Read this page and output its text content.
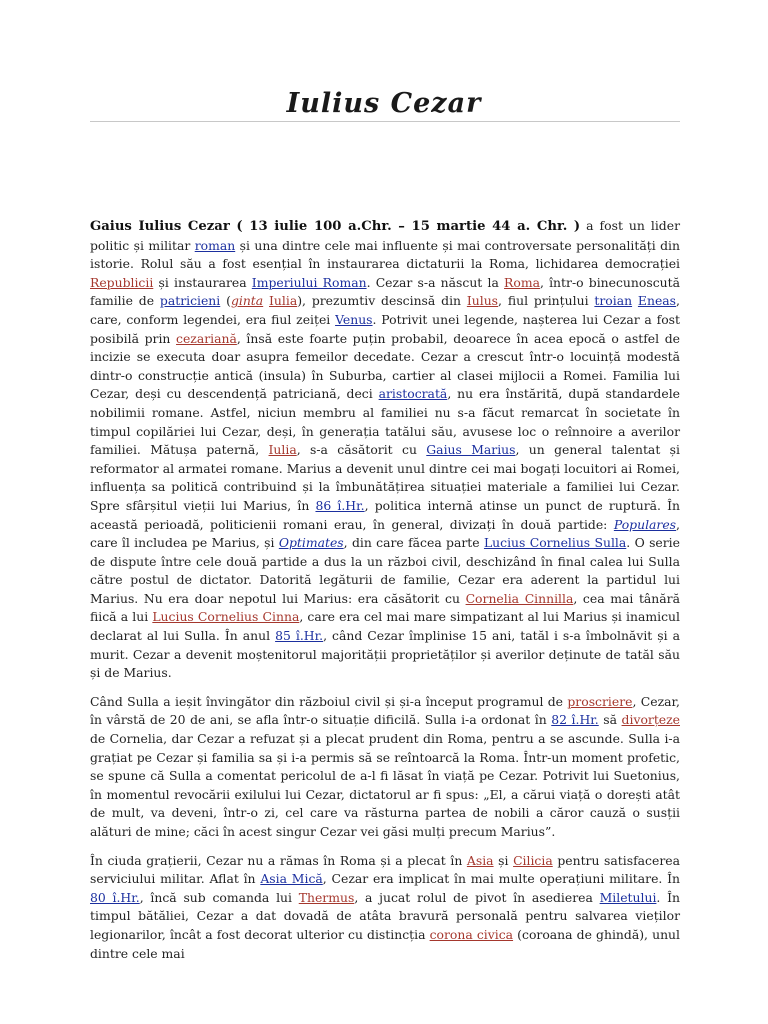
Iulius Cezar

Gaius Iulius Cezar ( 13 iulie 100 a.Chr. – 15 martie 44 a. Chr. ) a fost un lider politic și militar roman și una dintre cele mai influente și mai controversate personalități din istorie. Rolul său a fost esențial în instaurarea dictaturii la Roma, lichidarea democrației Republicii și instaurarea Imperiului Roman. Cezar s-a născut la Roma, într-o binecunoscută familie de patricieni (ginta Iulia), prezumtiv descinsă din Iulus, fiul prințului troian Eneas, care, conform legendei, era fiul zeiței Venus. Potrivit unei legende, nașterea lui Cezar a fost posibilă prin cezariană, însă este foarte puțin probabil, deoarece în acea epocă o astfel de incizie se executa doar asupra femeilor decedate. Cezar a crescut într-o locuință modestă dintr-o construcție antică (insula) în Suburba, cartier al clasei mijlocii a Romei. Familia lui Cezar, deși cu descendență patriciană, deci aristocrată, nu era înstărită, după standardele nobilimii romane. Astfel, niciun membru al familiei nu s-a făcut remarcat în societate în timpul copilăriei lui Cezar, deși, în generația tatălui său, avusese loc o reînnoire a averilor familiei. Mătușa paternă, Iulia, s-a căsătorit cu Gaius Marius, un general talentat și reformator al armatei romane. Marius a devenit unul dintre cei mai bogați locuitori ai Romei, influența sa politică contribuind și la îmbunătățirea situației materiale a familiei lui Cezar. Spre sfârșitul vieții lui Marius, în 86 î.Hr., politica internă atinse un punct de ruptură. În această perioadă, politicienii romani erau, în general, divizați în două partide: Populares, care îl includea pe Marius, și Optimates, din care făcea parte Lucius Cornelius Sulla. O serie de dispute între cele două partide a dus la un război civil, deschizând în final calea lui Sulla către postul de dictator. Datorită legăturii de familie, Cezar era aderent la partidul lui Marius. Nu era doar nepotul lui Marius: era căsătorit cu Cornelia Cinnilla, cea mai tânără fiică a lui Lucius Cornelius Cinna, care era cel mai mare simpatizant al lui Marius și inamicul declarat al lui Sulla. În anul 85 î.Hr., când Cezar împlinise 15 ani, tatăl i s-a îmbolnăvit și a murit. Cezar a devenit moștenitorul majorității proprietăților și averilor deținute de tatăl său și de Marius.

Când Sulla a ieșit învingător din războiul civil și și-a început programul de proscriere, Cezar, în vârstă de 20 de ani, se afla într-o situație dificilă. Sulla i-a ordonat în 82 î.Hr. să divorțeze de Cornelia, dar Cezar a refuzat și a plecat prudent din Roma, pentru a se ascunde. Sulla i-a grațiat pe Cezar și familia sa și i-a permis să se reîntoarcă la Roma. Într-un moment profetic, se spune că Sulla a comentat pericolul de a-l fi lăsat în viață pe Cezar. Potrivit lui Suetonius, în momentul revocării exilului lui Cezar, dictatorul ar fi spus: „El, a cărui viață o dorești atât de mult, va deveni, într-o zi, cel care va răsturna partea de nobili a căror cauză o susții alături de mine; căci în acest singur Cezar vei găsi mulți precum Marius”.

În ciuda grațierii, Cezar nu a rămas în Roma și a plecat în Asia și Cilicia pentru satisfacerea serviciului militar. Aflat în Asia Mică, Cezar era implicat în mai multe operațiuni militare. În 80 î.Hr., încă sub comanda lui Thermus, a jucat rolul de pivot în asedierea Miletului. În timpul bătăliei, Cezar a dat dovadă de atâta bravură personală pentru salvarea vieților legionarilor, încât a fost decorat ulterior cu distincția corona civica (coroana de ghindă), unul dintre cele mai
